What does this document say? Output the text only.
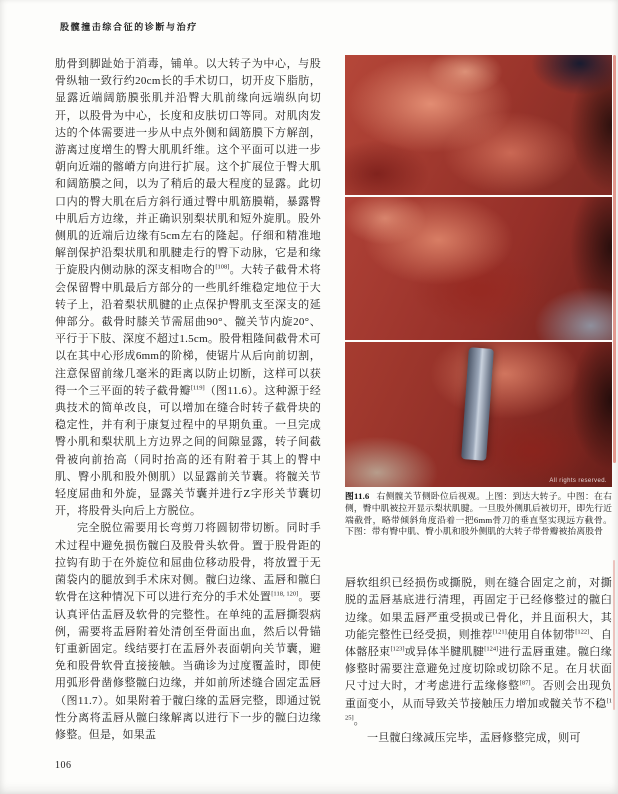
股髋撞击综合征的诊断与治疗

肋骨到脚趾始于消毒，铺单。以大转子为中心，与股骨纵轴一致行约20cm长的手术切口，切开皮下脂肪，显露近端阔筋膜张肌并沿臀大肌前缘向远端纵向切开，以股骨为中心，长度和皮肤切口等同。对肌肉发达的个体需要进一步从中点外侧和阔筋膜下方解剖，游离过度增生的臀大肌肌纤维。这个平面可以进一步朝向近端的髂嵴方向进行扩展。这个扩展位于臀大肌和阔筋膜之间，以为了稍后的最大程度的显露。此切口内的臀大肌在后方斜行通过臀中肌筋膜鞘，暴露臀中肌后方边缘，并正确识别梨状肌和短外旋肌。股外侧肌的近端后边缘有5cm左右的隆起。仔细和精准地解剖保护沿梨状肌和肌腱走行的臀下动脉，它是和缘于旋股内侧动脉的深支相吻合的[108]。大转子截骨术将会保留臀中肌最后方部分的一些肌纤维稳定地位于大转子上，沿着梨状肌腱的止点保护臀肌支至深支的延伸部分。截骨时膝关节需屈曲90°、髋关节内旋20°、平行于下肢、深度不超过1.5cm。股骨粗隆间截骨术可以在其中心形成6mm的阶梯，使锯片从后向前切割，注意保留前缘几毫米的距离以防止切断，这样可以获得一个三平面的转子截骨瓣[119]（图11.6）。这种源于经典技术的简单改良，可以增加在缝合时转子截骨块的稳定性，并有利于康复过程中的早期负重。一旦完成臀小肌和梨状肌上方边界之间的间隙显露，转子间截骨被向前抬高（同时抬高的还有附着于其上的臀中肌、臀小肌和股外侧肌）以显露前关节囊。将髋关节轻度屈曲和外旋，显露关节囊并进行Z字形关节囊切开，将股骨头向后上方脱位。

完全脱位需要用长弯剪刀将圆韧带切断。同时手术过程中避免损伤髋臼及股骨头软骨。置于股骨距的拉钩有助于在外旋位和屈曲位移动股骨，将放置于无菌袋内的腿放到手术床对侧。髋臼边缘、盂唇和髋臼软骨在这种情况下可以进行充分的手术处置[118, 120]。要认真评估盂唇及软骨的完整性。在单纯的盂唇撕裂病例，需要将盂唇附着处清创至骨面出血，然后以骨锚钉重新固定。线结要打在盂唇外表面朝向关节囊，避免和股骨软骨直接接触。当确诊为过度覆盖时，即使用弧形骨凿修整髋臼边缘，并如前所述缝合固定盂唇（图11.7）。如果附着于髋臼缘的盂唇完整，即通过锐性分离将盂唇从髋臼缘解离以进行下一步的髋臼边缘修整。但是，如果盂

All rights reserved.
图11.6 右侧髋关节侧卧位后视观。上图：到达大转子。中图：在右侧，臀中肌被拉开显示梨状肌腱。一旦股外侧肌后被切开，即先行近端截骨，略带倾斜角度沿着一把6mm骨刀的垂直坚实现远方截骨。下图：带有臀中肌、臀小肌和股外侧肌的大转子带骨瓣被抬离股骨

唇软组织已经损伤或撕脱，则在缝合固定之前，对撕脱的盂唇基底进行清理，再固定于已经修整过的髋臼边缘。如果盂唇严重受损或已骨化，并且面积大，其功能完整性已经受损，则推荐[121]使用自体韧带[122]、自体髂胫束[123]或异体半腱肌腱[124]进行盂唇重建。髋臼缘修整时需要注意避免过度切除或切除不足。在月状面尺寸过大时，才考虑进行盂缘修整[87]。否则会出现负重面变小，从而导致关节接触压力增加或髋关节不稳[125]。

一旦髋臼缘减压完毕，盂唇修整完成，则可

106
